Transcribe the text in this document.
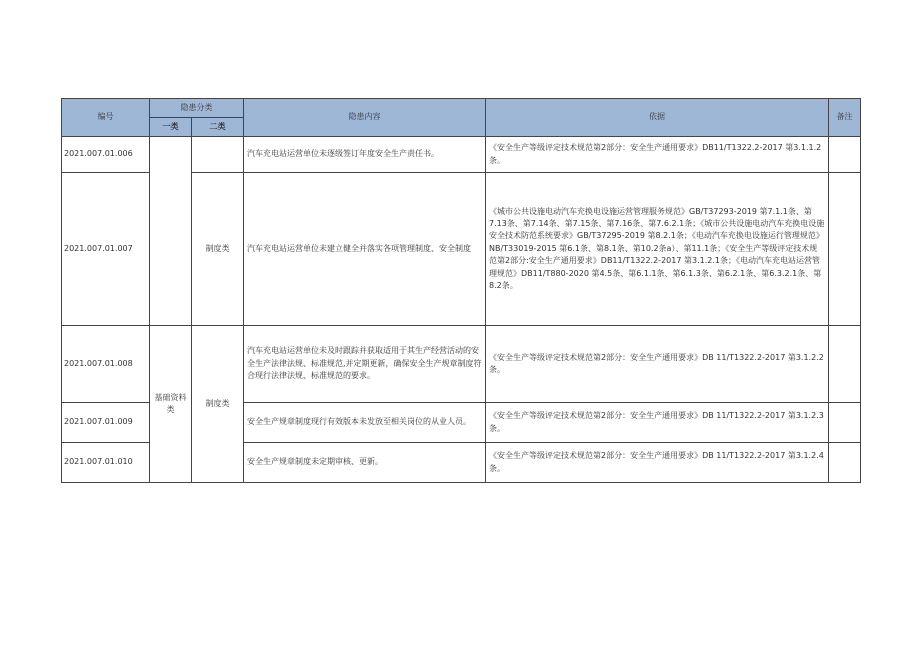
编号	隐患分类		隐患内容	依据	备注
	一类	二类			
2021.007.01.006			汽车充电站运营单位未逐级签订年度安全生产责任书。	《安全生产等级评定技术规范第2部分：安全生产通用要求》DB11/T1322.2-2017 第3.1.1.2条。	
2021.007.01.007		制度类	汽车充电站运营单位未建立健全并落实各项管理制度、安全制度	《城市公共设施电动汽车充换电设施运营管理服务规范》GB/T37293-2019 第7.1.1条、第7.13条、第7.14条、第7.15条、第7.16条、第7.6.2.1条；《城市公共设施电动汽车充换电设施安全技术防范系统要求》GB/T37295-2019 第8.2.1条；《电动汽车充换电设施运行管理规范》NB/T33019-2015 第6.1条、第8.1条、第10.2条a）、第11.1条；《安全生产等级评定技术规范第2部分:安全生产通用要求》DB11/T1322.2-2017 第3.1.2.1条；《电动汽车充电站运营管理规范》DB11/T880-2020 第4.5条、第6.1.1条、第6.1.3条、第6.2.1条、第6.3.2.1条、第8.2条。	
2021.007.01.008	基础资料类	制度类	汽车充电站运营单位未及时跟踪并获取适用于其生产经营活动的安全生产法律法规、标准规范,并定期更新，确保安全生产规章制度符合现行法律法规、标准规范的要求。	《安全生产等级评定技术规范第2部分：安全生产通用要求》DB 11/T1322.2-2017 第3.1.2.2条。	
2021.007.01.009			安全生产规章制度现行有效版本未发放至相关岗位的从业人员。	《安全生产等级评定技术规范第2部分：安全生产通用要求》DB 11/T1322.2-2017 第3.1.2.3条。	
2021.007.01.010			安全生产规章制度未定期审核、更新。	《安全生产等级评定技术规范第2部分：安全生产通用要求》DB 11/T1322.2-2017 第3.1.2.4条。	
